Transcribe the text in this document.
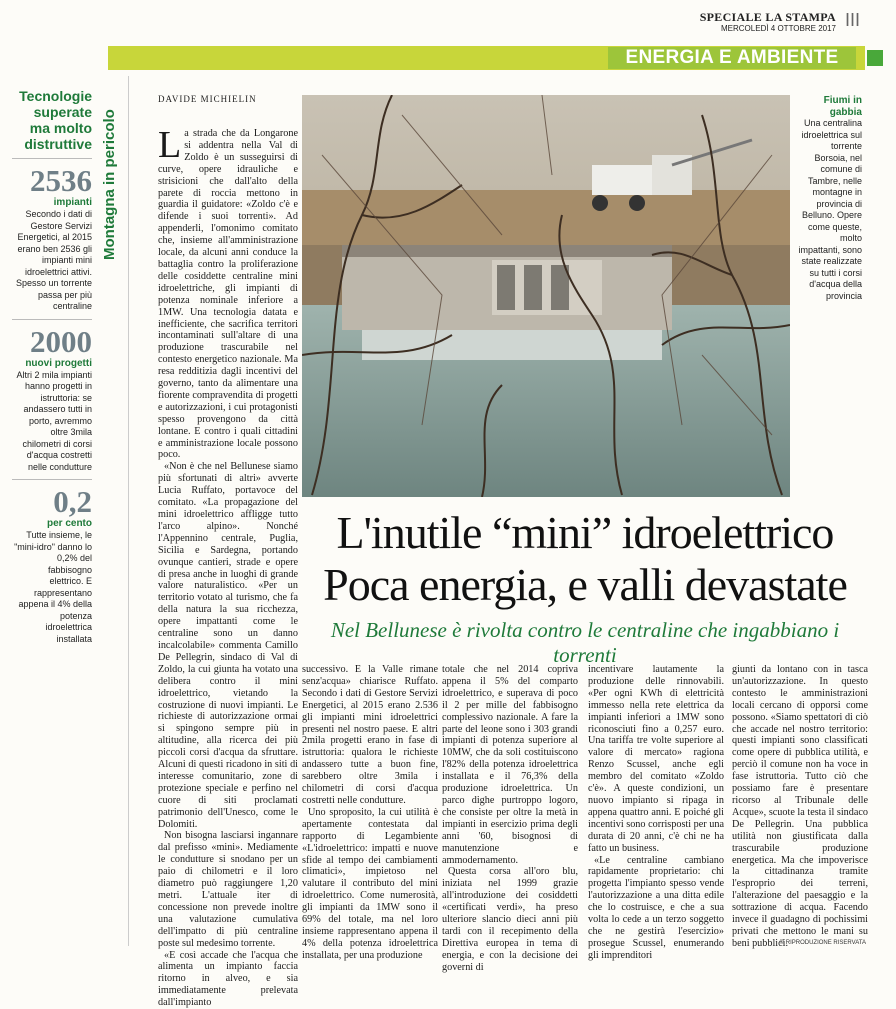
SPECIALE LA STAMPA
MERCOLEDÌ 4 OTTOBRE 2017 III
ENERGIA E AMBIENTE
Tecnologie superate ma molto distruttive
2536
impianti
Secondo i dati di Gestore Servizi Energetici, al 2015 erano ben 2536 gli impianti mini idroelettrici attivi. Spesso un torrente passa per più centraline
2000
nuovi progetti
Altri 2 mila impianti hanno progetti in istruttoria: se andassero tutti in porto, avremmo oltre 3mila chilometri di corsi d'acqua costretti nelle condutture
0,2
per cento
Tutte insieme, le "mini-idro" danno lo 0,2% del fabbisogno elettrico. E rappresentano appena il 4% della potenza idroelettrica installata
Montagna in pericolo
DAVIDE MICHIELIN

La strada che da Longarone si addentra nella Val di Zoldo è un susseguirsi di curve, opere idrauliche e strisicioni che dall'alto della parete di roccia mettono in guardia il guidatore: «Zoldo c'è e difende i suoi torrenti». Ad appenderli, l'omonimo comitato che, insieme all'amministrazione locale, da alcuni anni conduce la battaglia contro la proliferazione delle cosiddette centraline mini idroelettriche, gli impianti di potenza nominale inferiore a 1MW. Una tecnologia datata e inefficiente, che sacrifica territori incontaminati sull'altare di una produzione trascurabile nel contesto energetico nazionale. Ma resa redditizia dagli incentivi del governo, tanto da alimentare una fiorente compravendita di progetti e autorizzazioni, i cui protagonisti spesso provengono da città lontane. E contro i quali cittadini e amministrazione locale possono poco.

«Non è che nel Bellunese siamo più sfortunati di altri» avverte Lucia Ruffato, portavoce del comitato. «La propagazione del mini idroelettrico affligge tutto l'arco alpino». Nonché l'Appennino centrale, Puglia, Sicilia e Sardegna, portando ovunque cantieri, strade e opere di presa anche in luoghi di grande valore naturalistico. «Per un territorio votato al turismo, che fa della natura la sua ricchezza, opere impattanti come le centraline sono un danno incalcolabile» commenta Camillo De Pellegrin, sindaco di Val di Zoldo, la cui giunta ha votato una delibera contro il mini idroelettrico, vietando la costruzione di nuovi impianti. Le richieste di autorizzazione ormai si spingono sempre più in altitudine, alla ricerca dei più piccoli corsi d'acqua da sfruttare. Alcuni di questi ricadono in siti di interesse comunitario, zone di protezione speciale e perfino nel cuore di siti proclamati patrimonio dell'Unesco, come le Dolomiti.

Non bisogna lasciarsi ingannare dal prefisso «mini». Mediamente le condutture si snodano per un paio di chilometri e il loro diametro può raggiungere 1,20 metri. L'attuale iter di concessione non prevede inoltre una valutazione cumulativa dell'impatto di più centraline poste sul medesimo torrente.

«E così accade che l'acqua che alimenta un impianto faccia ritorno in alveo, e sia immediatamente prelevata dall'impianto

Fiumi in gabbia
Una centralina idroelettrica sul torrente Borsoia, nel comune di Tambre, nelle montagne in provincia di Belluno. Opere come queste, molto impattanti, sono state realizzate su tutti i corsi d'acqua della provincia
L'inutile “mini” idroelettrico
Poca energia, e valli devastate
Nel Bellunese è rivolta contro le centraline che ingabbiano i torrenti

successivo. E la Valle rimane senz'acqua» chiarisce Ruffato. Secondo i dati di Gestore Servizi Energetici, al 2015 erano 2.536 gli impianti mini idroelettrici presenti nel nostro paese. E altri 2mila progetti erano in fase di istruttoria: qualora le richieste andassero tutte a buon fine, sarebbero oltre 3mila i chilometri di corsi d'acqua costretti nelle condutture.

Uno spropositо, la cui utilità è apertamente contestata dal rapporto di Legambiente «L'idroelettrico: impatti e nuove sfide al tempo dei cambiamenti climatici», impietoso nel valutare il contributo del mini idroelettrico. Come numerosità, gli impianti da 1MW sono il 69% del totale, ma nel loro insieme rappresentano appena il 4% della potenza idroelettrica installata, per una produzione

totale che nel 2014 copriva appena il 5% del comparto idroelettrico, e superava di poco il 2 per mille del fabbisogno complessivo nazionale. A fare la parte del leone sono i 303 grandi impianti di potenza superiore al 10MW, che da soli costituiscono l'82% della potenza idroelettrica installata e il 76,3% della produzione idroelettrica. Un parco dighe purtroppo logoro, che consiste per oltre la metà in impianti in esercizio prima degli anni '60, bisognosi di manutenzione e ammodernamento.

Questa corsa all'oro blu, iniziata nel 1999 grazie all'introduzione dei cosiddetti «certificati verdi», ha preso ulteriore slancio dieci anni più tardi con il recepimento della Direttiva europea in tema di energia, e con la decisione dei governi di

incentivare lautamente la produzione delle rinnovabili. «Per ogni KWh di elettricità immesso nella rete elettrica da impianti inferiori a 1MW sono riconosciuti fino a 0,257 euro. Una tariffa tre volte superiore al valore di mercato» ragiona Renzo Scussel, anche egli membro del comitato «Zoldo c'è». A queste condizioni, un nuovo impianto si ripaga in appena quattro anni. E poiché gli incentivi sono corrisposti per una durata di 20 anni, c'è chi ne ha fatto un business.

«Le centraline cambiano rapidamente proprietario: chi progetta l'impianto spesso vende l'autorizzazione a una ditta edile che lo costruisce, e che a sua volta lo cede a un terzo soggetto che ne gestirà l'esercizio» prosegue Scussel, enumerando gli imprenditori

giunti da lontano con in tasca un'autorizzazione. In questo contesto le amministrazioni locali cercano di opporsi come possono. «Siamo spettatori di ciò che accade nel nostro territorio: questi impianti sono classificati come opere di pubblica utilità, e perciò il comune non ha voce in fase istruttoria. Tutto ciò che possiamo fare è presentare ricorso al Tribunale delle Acque», scuote la testa il sindaco De Pellegrin. Una pubblica utilità non giustificata dalla trascurabile produzione energetica. Ma che impoverisce la cittadinanza tramite l'esproprio dei terreni, l'alterazione del paesaggio e la sottrazione di acqua. Facendo invece il guadagno di pochissimi privati che mettono le mani su beni pubblici.

© RIPRODUZIONE RISERVATA
